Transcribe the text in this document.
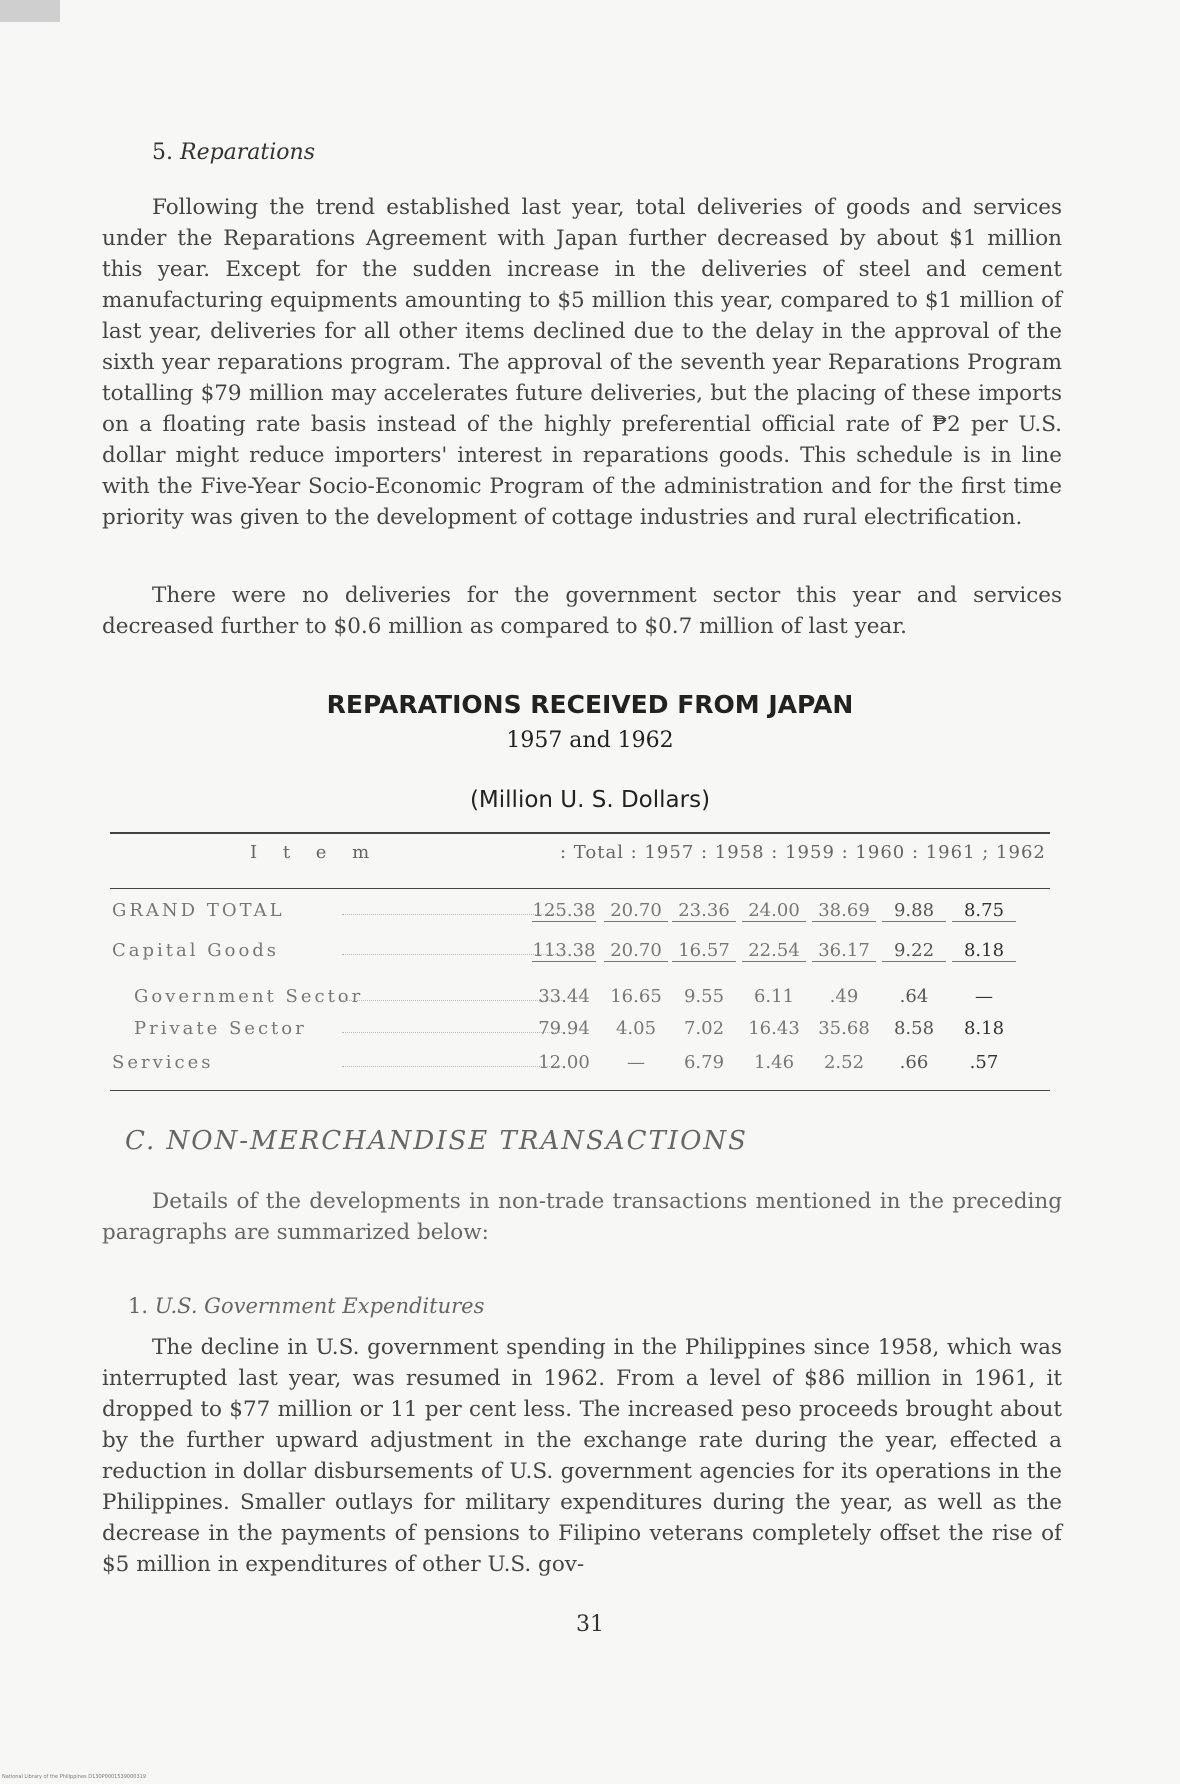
5. Reparations

Following the trend established last year, total deliveries of goods and services under the Reparations Agreement with Japan further decreased by about $1 million this year. Except for the sudden increase in the deliveries of steel and cement manufacturing equipments amounting to $5 million this year, compared to $1 million of last year, deliveries for all other items declined due to the delay in the approval of the sixth year reparations program. The approval of the seventh year Reparations Program totalling $79 million may accelerates future deliveries, but the placing of these imports on a floating rate basis instead of the highly preferential official rate of ₱2 per U.S. dollar might reduce importers' interest in reparations goods. This schedule is in line with the Five-Year Socio-Economic Program of the administration and for the first time priority was given to the development of cottage industries and rural electrification.

There were no deliveries for the government sector this year and services decreased further to $0.6 million as compared to $0.7 million of last year.

REPARATIONS RECEIVED FROM JAPAN
1957 and 1962
(Million U. S. Dollars)
I t e m	: Total : 1957 : 1958 : 1959 : 1960 : 1961 ; 1962
GRAND TOTAL	125.38 20.70 23.36	24.00	38.69	9.88	8.75
Capital Goods	113.38 20.70 16.57	22.54	36.17	9.22	8.18
Government Sector	33.44	16.65	9.55	6.11	.49	.64	—
Private Sector	79.94	4.05	7.02	16.43	35.68	8.58	8.18
Services	12.00	—	6.79	1.46	2.52	.66	.57
C. NON-MERCHANDISE TRANSACTIONS

Details of the developments in non-trade transactions mentioned in the preceding paragraphs are summarized below:

1. U.S. Government Expenditures

The decline in U.S. government spending in the Philippines since 1958, which was interrupted last year, was resumed in 1962. From a level of $86 million in 1961, it dropped to $77 million or 11 per cent less. The increased peso proceeds brought about by the further upward adjustment in the exchange rate during the year, effected a reduction in dollar disbursements of U.S. government agencies for its operations in the Philippines. Smaller outlays for military expenditures during the year, as well as the decrease in the payments of pensions to Filipino veterans completely offset the rise of $5 million in expenditures of other U.S. gov-

31
National Library of the Philippines D130P0001539000319
